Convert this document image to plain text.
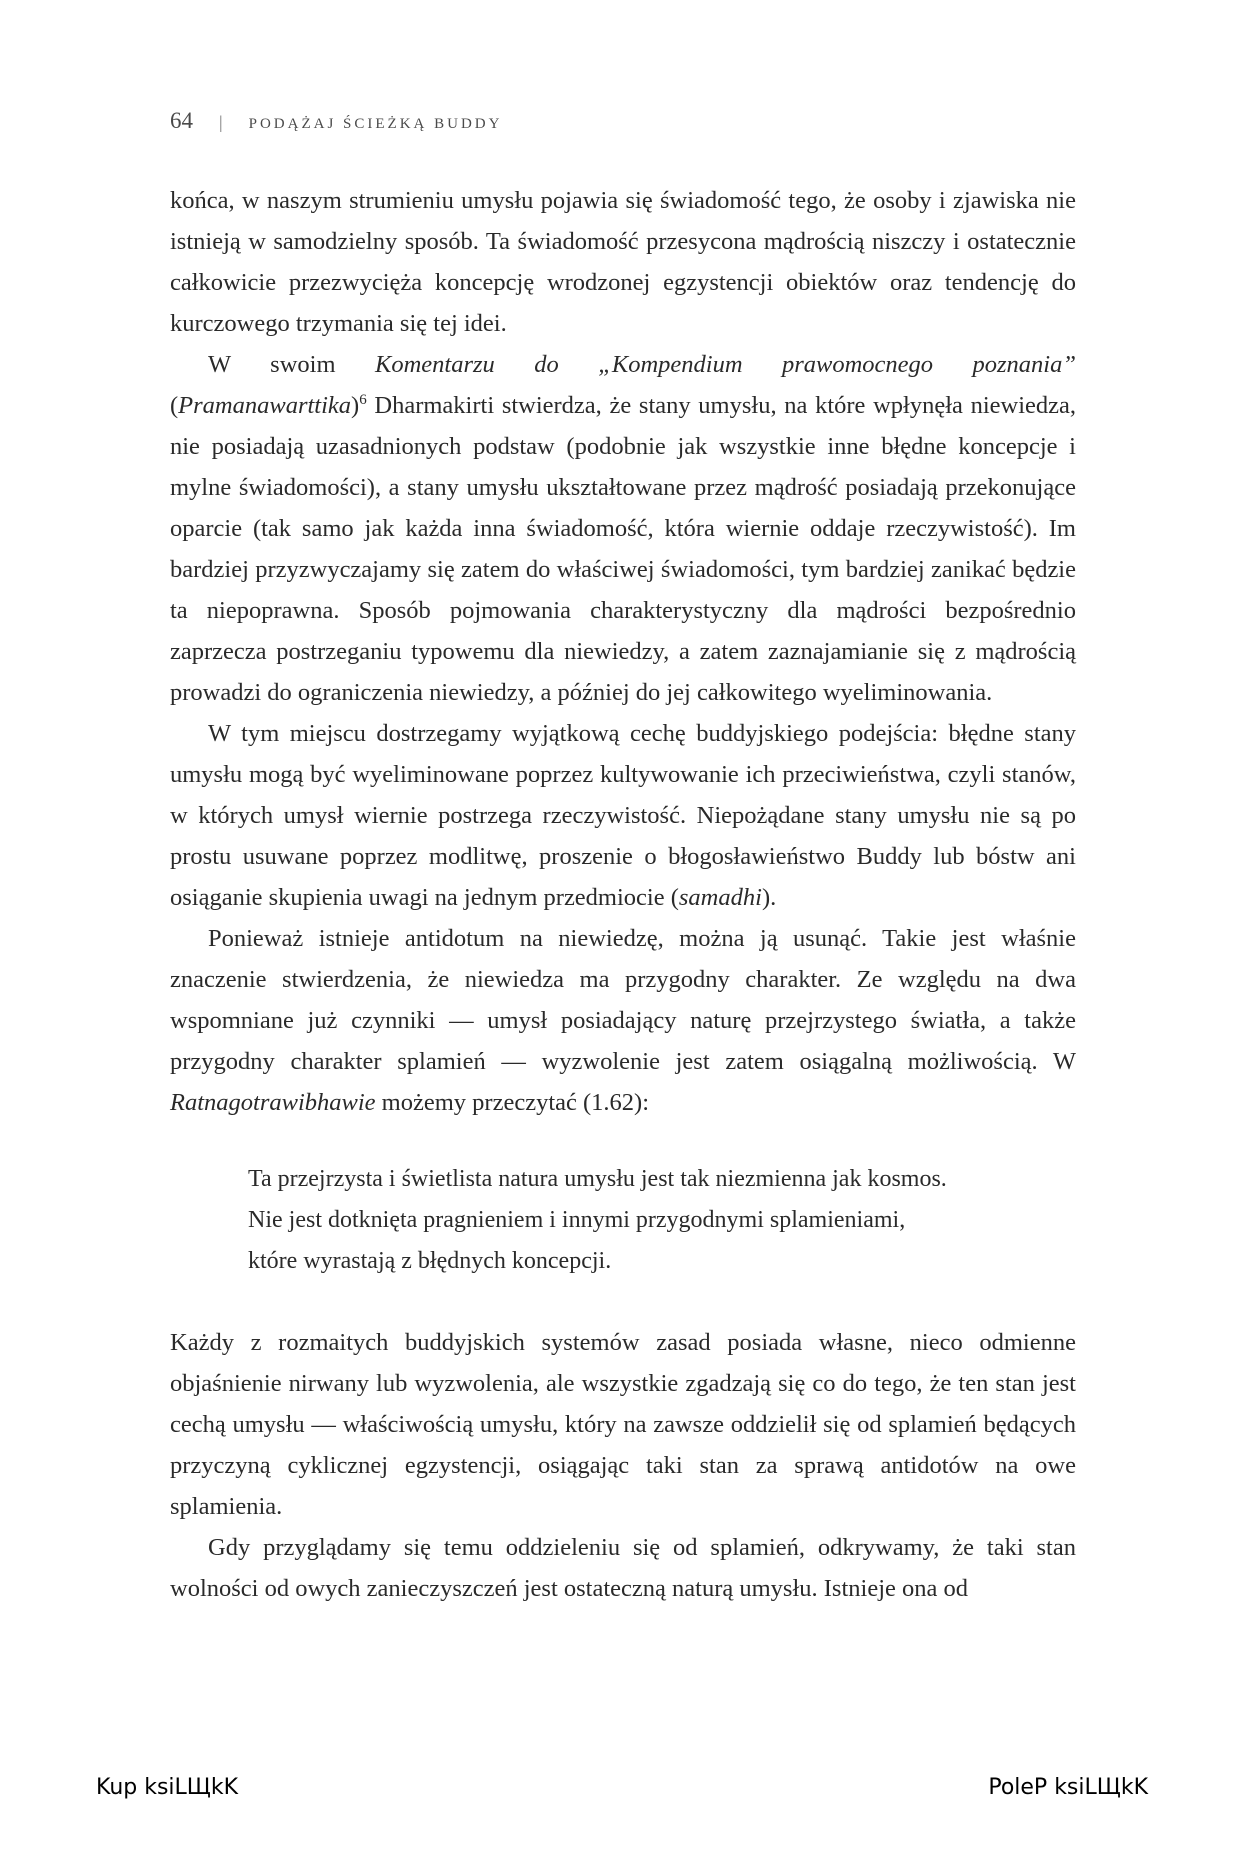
64 | PODĄŻAJ ŚCIEŻKĄ BUDDY

końca, w naszym strumieniu umysłu pojawia się świadomość tego, że osoby i zjawiska nie istnieją w samodzielny sposób. Ta świadomość przesycona mądrością niszczy i ostatecznie całkowicie przezwycięża koncepcję wrodzonej egzystencji obiektów oraz tendencję do kurczowego trzymania się tej idei.

W swoim Komentarzu do „Kompendium prawomocnego poznania” (Pramanawarttika)$^6$ Dharmakirti stwierdza, że stany umysłu, na które wpłynęła niewiedza, nie posiadają uzasadnionych podstaw (podobnie jak wszystkie inne błędne koncepcje i mylne świadomości), a stany umysłu ukształtowane przez mądrość posiadają przekonujące oparcie (tak samo jak każda inna świadomość, która wiernie oddaje rzeczywistość). Im bardziej przyzwyczajamy się zatem do właściwej świadomości, tym bardziej zanikać będzie ta niepoprawna. Sposób pojmowania charakterystyczny dla mądrości bezpośrednio zaprzecza postrzeganiu typowemu dla niewiedzy, a zatem zaznajamianie się z mądrością prowadzi do ograniczenia niewiedzy, a później do jej całkowitego wyeliminowania.

W tym miejscu dostrzegamy wyjątkową cechę buddyjskiego podejścia: błędne stany umysłu mogą być wyeliminowane poprzez kultywowanie ich przeciwieństwa, czyli stanów, w których umysł wiernie postrzega rzeczywistość. Niepożądane stany umysłu nie są po prostu usuwane poprzez modlitwę, proszenie o błogosławieństwo Buddy lub bóstw ani osiąganie skupienia uwagi na jednym przedmiocie (samadhi).

Ponieważ istnieje antidotum na niewiedzę, można ją usunąć. Takie jest właśnie znaczenie stwierdzenia, że niewiedza ma przygodny charakter. Ze względu na dwa wspomniane już czynniki — umysł posiadający naturę przejrzystego światła, a także przygodny charakter splamień — wyzwolenie jest zatem osiągalną możliwością. W Ratnagotrawibhawie możemy przeczytać (1.62):

Ta przejrzysta i świetlista natura umysłu jest tak niezmienna jak kosmos.
Nie jest dotknięta pragnieniem i innymi przygodnymi splamieniami,
które wyrastają z błędnych koncepcji.

Każdy z rozmaitych buddyjskich systemów zasad posiada własne, nieco odmienne objaśnienie nirwany lub wyzwolenia, ale wszystkie zgadzają się co do tego, że ten stan jest cechą umysłu — właściwością umysłu, który na zawsze oddzielił się od splamień będących przyczyną cyklicznej egzystencji, osiągając taki stan za sprawą antidotów na owe splamienia.

Gdy przyglądamy się temu oddzieleniu się od splamień, odkrywamy, że taki stan wolności od owych zanieczyszczeń jest ostateczną naturą umysłu. Istnieje ona od

Kup ksiLЩkK	PoleP ksiLЩkK
